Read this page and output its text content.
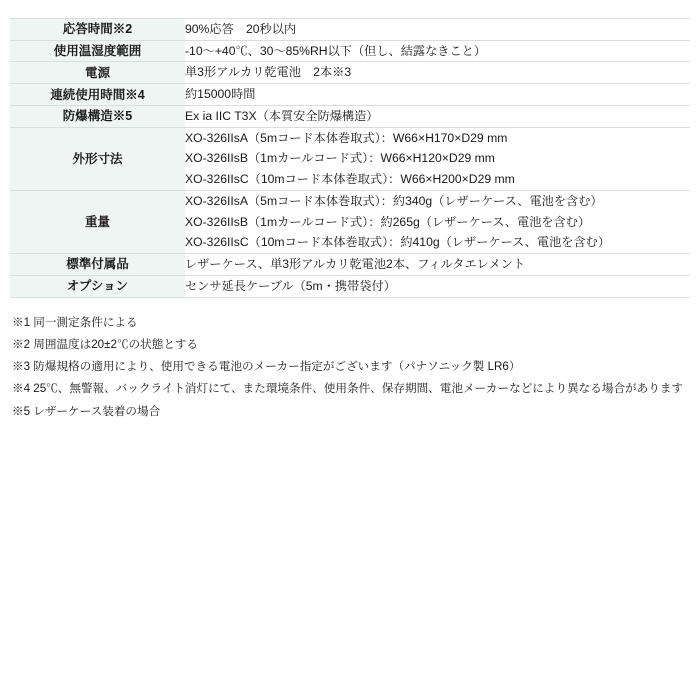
応答時間※2	90%応答　20秒以内

使用温湿度範囲	-10〜+40℃、30〜85%RH以下（但し、結露なきこと）

電源	単3形アルカリ乾電池　2本※3

連続使用時間※4	約15000時間

防爆構造※5	Ex ia IIC T3X（本質安全防爆構造）

外形寸法	XO-326IIsA（5mコード本体巻取式）：W66×H170×D29 mm
XO-326IIsB（1mカールコード式）：W66×H120×D29 mm
XO-326IIsC（10mコード本体巻取式）：W66×H200×D29 mm

重量	XO-326IIsA（5mコード本体巻取式）：約340g（レザーケース、電池を含む）
XO-326IIsB（1mカールコード式）：約265g（レザーケース、電池を含む）
XO-326IIsC（10mコード本体巻取式）：約410g（レザーケース、電池を含む）

標準付属品	レザーケース、単3形アルカリ乾電池2本、フィルタエレメント

オプション	センサ延長ケーブル（5m・携帯袋付）
※1 同一測定条件による
※2 周囲温度は20±2℃の状態とする
※3 防爆規格の適用により、使用できる電池のメーカー指定がございます（パナソニック製 LR6）
※4 25℃、無警報、バックライト消灯にて、また環境条件、使用条件、保存期間、電池メーカーなどにより異なる場合があります
※5 レザーケース装着の場合
